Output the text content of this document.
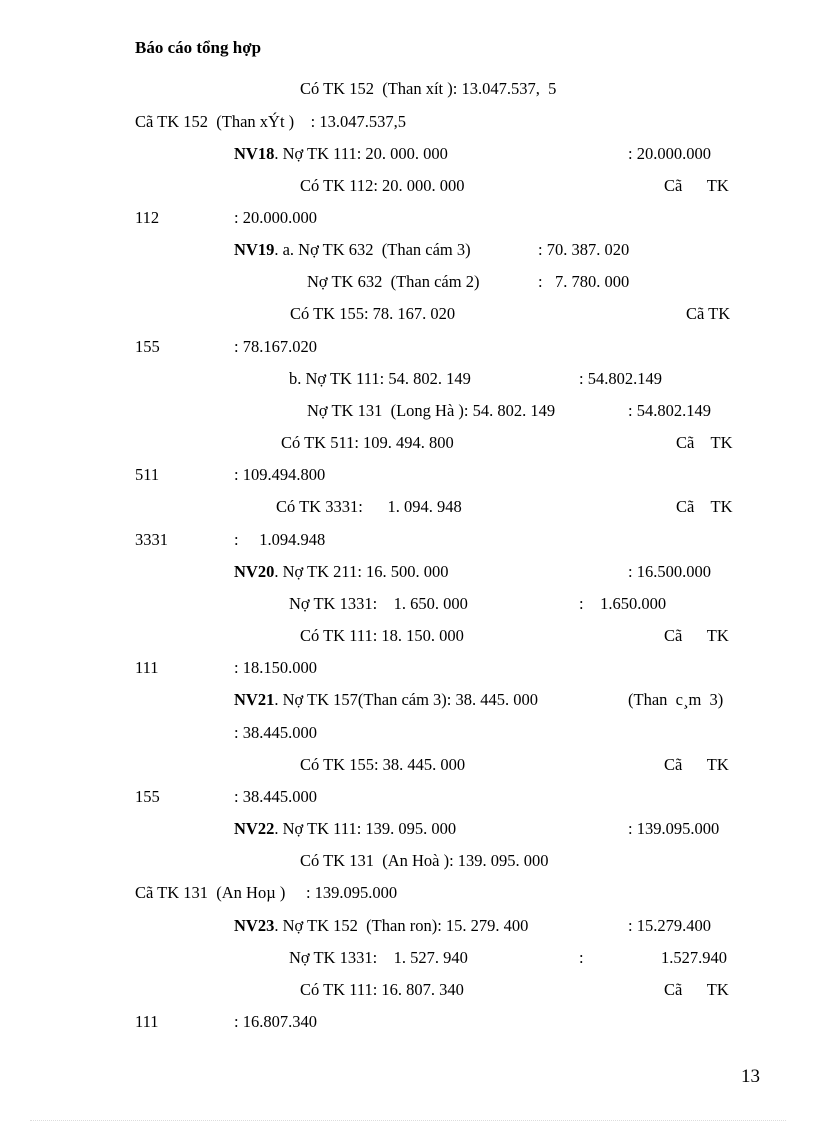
Báo cáo tổng hợp
Có TK 152  (Than xít ): 13.047.537,  5
Cã TK 152  (Than xÝt )    : 13.047.537,5
NV18. Nợ TK 111: 20. 000. 000	: 20.000.000
Có TK 112: 20. 000. 000	Cã      TK
112	: 20.000.000
NV19. a. Nợ TK 632  (Than cám 3)	: 70. 387. 020
Nợ TK 632  (Than cám 2)	:   7. 780. 000
Có TK 155: 78. 167. 020	Cã TK
155	: 78.167.020
b. Nợ TK 111: 54. 802. 149	: 54.802.149
Nợ TK 131  (Long Hà ): 54. 802. 149	: 54.802.149
Có TK 511: 109. 494. 800	Cã    TK
511	: 109.494.800
Có TK 3331:      1. 094. 948	Cã    TK
3331	:     1.094.948
NV20. Nợ TK 211: 16. 500. 000	: 16.500.000
Nợ TK 1331:    1. 650. 000	:    1.650.000
Có TK 111: 18. 150. 000	Cã      TK
111	: 18.150.000
NV21. Nợ TK 157(Than cám 3): 38. 445. 000	(Than  c¸m  3)
: 38.445.000
Có TK 155: 38. 445. 000	Cã      TK
155	: 38.445.000
NV22. Nợ TK 111: 139. 095. 000	: 139.095.000
Có TK 131  (An Hoà ): 139. 095. 000
Cã TK 131  (An Hoµ )     : 139.095.000
NV23. Nợ TK 152  (Than ron): 15. 279. 400	: 15.279.400
Nợ TK 1331:    1. 527. 940	:	1.527.940
Có TK 111: 16. 807. 340	Cã      TK
111	: 16.807.340
13
